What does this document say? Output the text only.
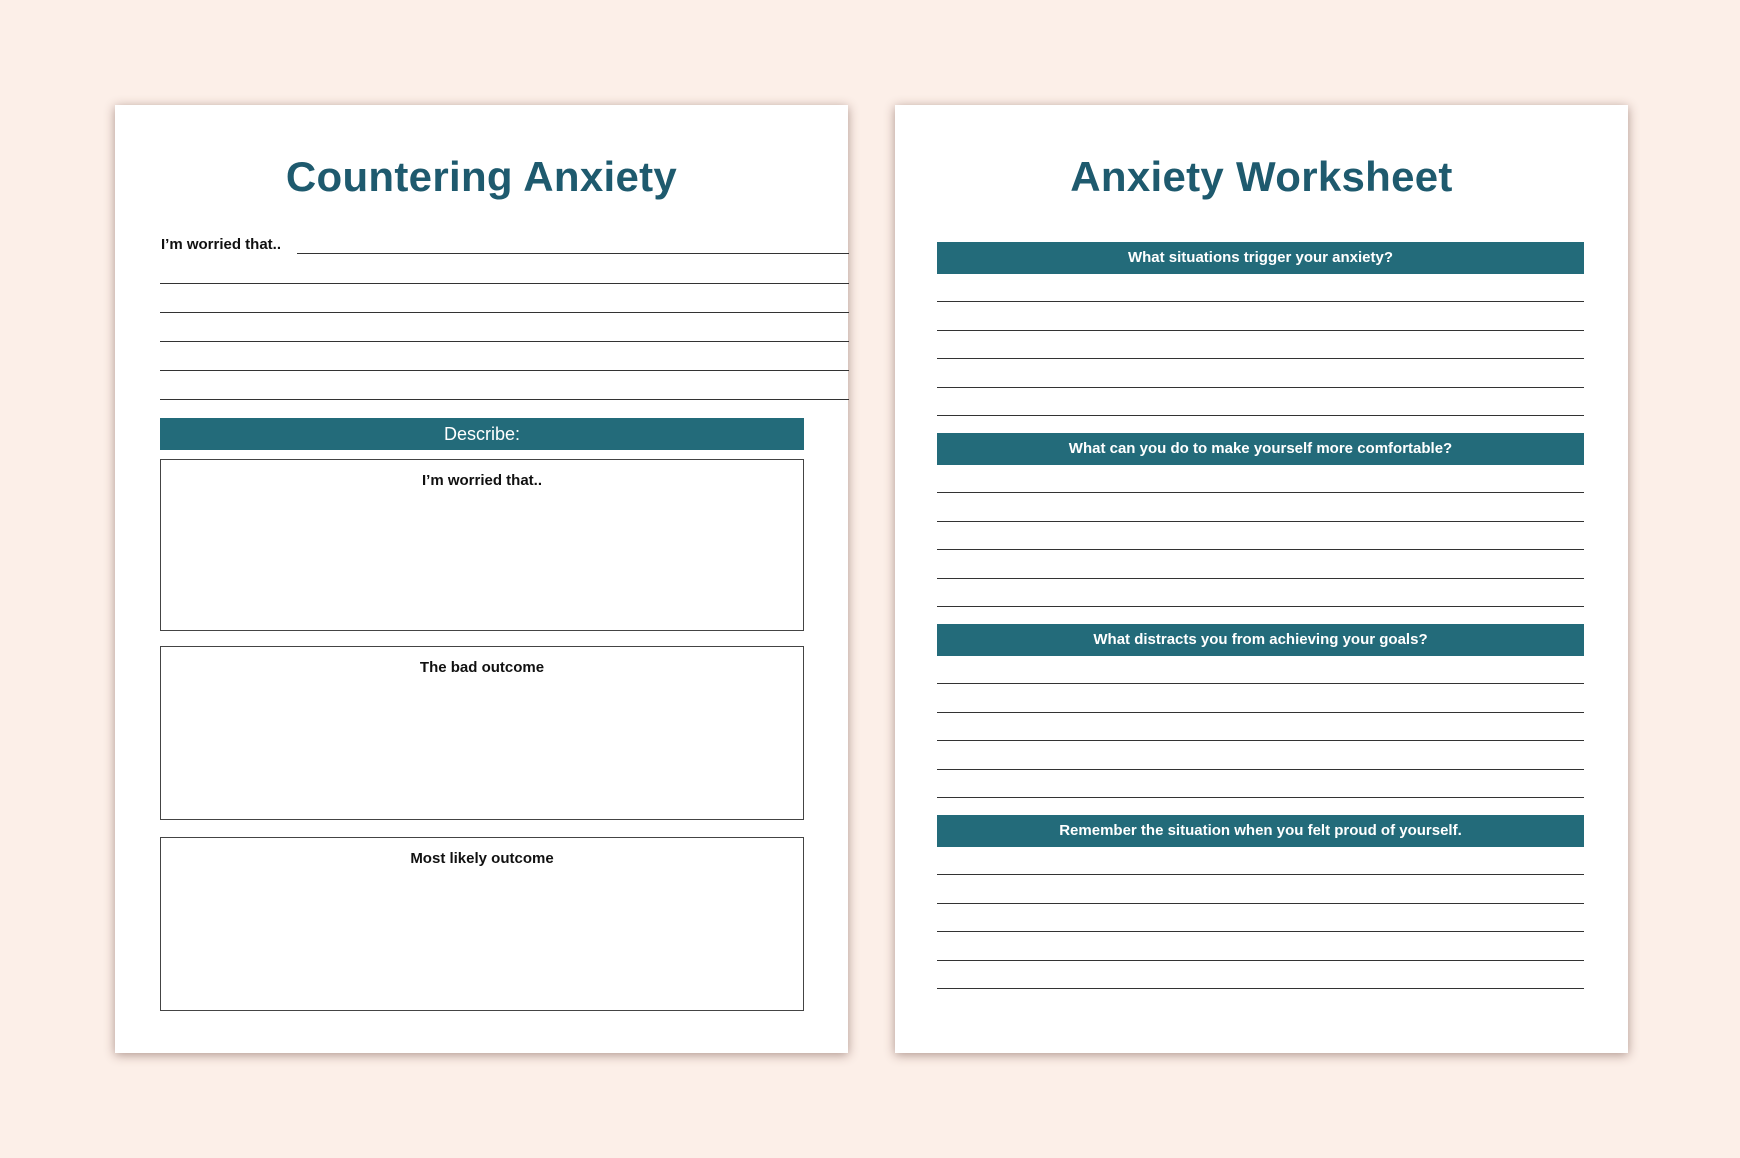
Countering Anxiety
I’m worried that..
Describe:
I’m worried that..
The bad outcome
Most likely outcome
Anxiety Worksheet
What situations trigger your anxiety?
What can you do to make yourself more comfortable?
What distracts you from achieving your goals?
Remember the situation when you felt proud of yourself.
